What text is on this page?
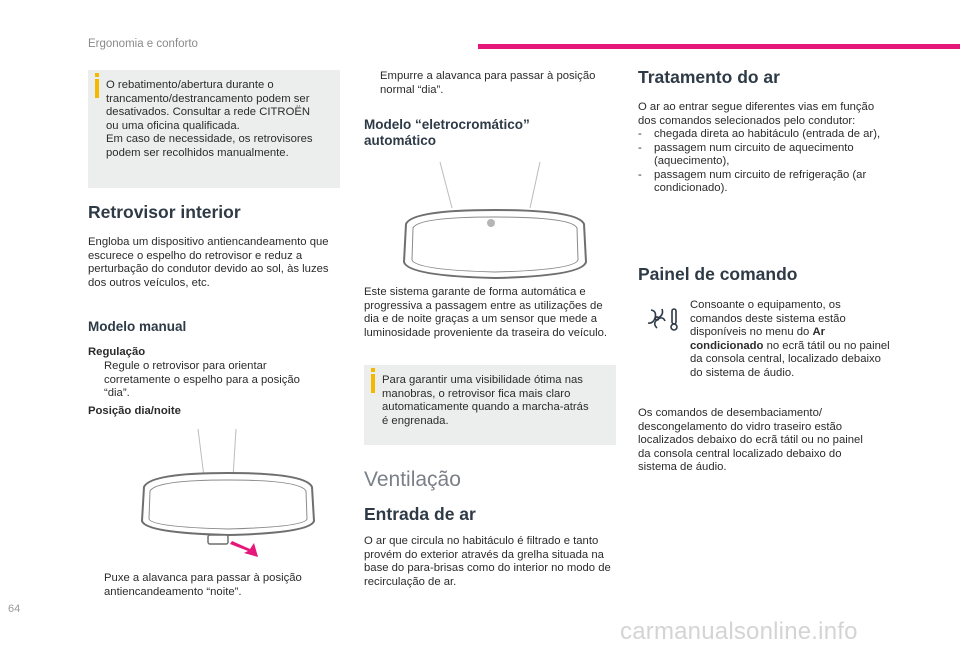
Ergonomia e conforto
O rebatimento/abertura durante o
trancamento/destrancamento podem ser
desativados. Consultar a rede CITROËN
ou uma oficina qualificada.
Em caso de necessidade, os retrovisores
podem ser recolhidos manualmente.
Retrovisor interior
Engloba um dispositivo antiencandeamento que escurece o espelho do retrovisor e reduz a perturbação do condutor devido ao sol, às luzes dos outros veículos, etc.
Modelo manual
Regulação
Regule o retrovisor para orientar corretamente o espelho para a posição “dia”.
Posição dia/noite
Puxe a alavanca para passar à posição antiencandeamento “noite”.
Empurre a alavanca para passar à posição normal “dia”.
Modelo “eletrocromático” automático
Este sistema garante de forma automática e progressiva a passagem entre as utilizações de dia e de noite graças a um sensor que mede a luminosidade proveniente da traseira do veículo.
Para garantir uma visibilidade ótima nas
manobras, o retrovisor fica mais claro
automaticamente quando a marcha-atrás
é engrenada.
Ventilação
Entrada de ar
O ar que circula no habitáculo é filtrado e tanto provém do exterior através da grelha situada na base do para-brisas como do interior no modo de recirculação de ar.
Tratamento do ar
O ar ao entrar segue diferentes vias em função dos comandos selecionados pelo condutor:
- chegada direta ao habitáculo (entrada de ar),
- passagem num circuito de aquecimento (aquecimento),
- passagem num circuito de refrigeração (ar condicionado).
Painel de comando
Consoante o equipamento, os comandos deste sistema estão disponíveis no menu do Ar condicionado no ecrã tátil ou no painel da consola central, localizado debaixo do sistema de áudio.
Os comandos de desembaciamento/ descongelamento do vidro traseiro estão localizados debaixo do ecrã tátil ou no painel da consola central localizado debaixo do sistema de áudio.
64
carmanualsonline.info
